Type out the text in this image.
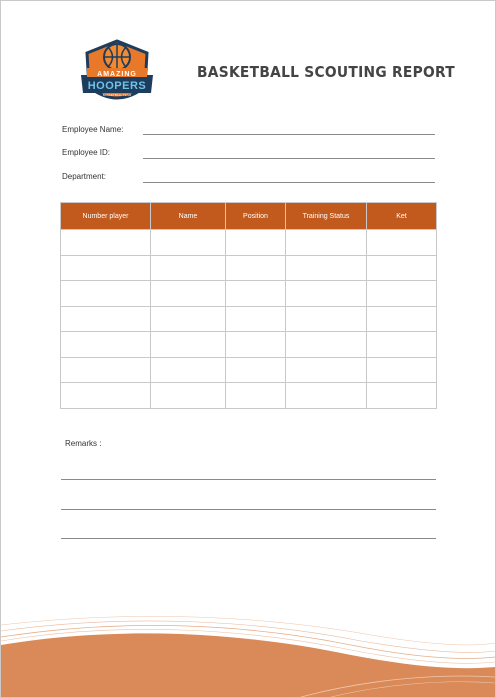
AMAZING
HOOPERS
BASKETBALL TEAM
BASKETBALL SCOUTING REPORT
Employee Name:
Employee ID:
Department:
Number player	Name	Position	Training Status	Ket

Remarks :
